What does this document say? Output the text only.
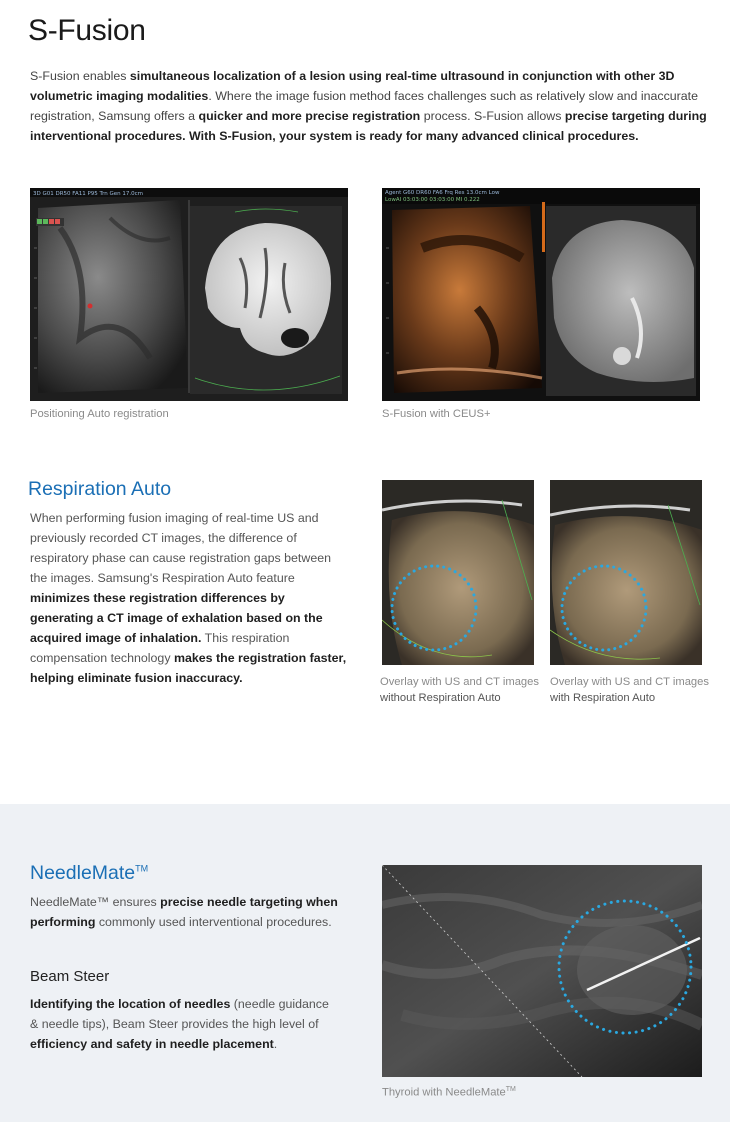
S-Fusion
S-Fusion enables simultaneous localization of a lesion using real-time ultrasound in conjunction with other 3D volumetric imaging modalities. Where the image fusion method faces challenges such as relatively slow and inaccurate registration, Samsung offers a quicker and more precise registration process. S-Fusion allows precise targeting during interventional procedures. With S-Fusion, your system is ready for many advanced clinical procedures.
3D G01 DR50 FA11 P95 Trn Gen 17.0cm
Positioning Auto registration
Agent G60 DR60 FA6 Frq Res 13.0cm Low
LowAI 03:03:00 03:03:00 MI 0.222
S-Fusion with CEUS+
Respiration Auto
When performing fusion imaging of real-time US and previously recorded CT images, the difference of respiratory phase can cause registration gaps between the images. Samsung's Respiration Auto feature minimizes these registration differences by generating a CT image of exhalation based on the acquired image of inhalation. This respiration compensation technology makes the registration faster, helping eliminate fusion inaccuracy.	Overlay with US and CT images
without Respiration Auto
Overlay with US and CT images
with Respiration Auto
NeedleMate™
NeedleMate™ ensures precise needle targeting when performing commonly used interventional procedures.
Beam Steer
Identifying the location of needles (needle guidance & needle tips), Beam Steer provides the high level of efficiency and safety in needle placement.
Thyroid with NeedleMate™
